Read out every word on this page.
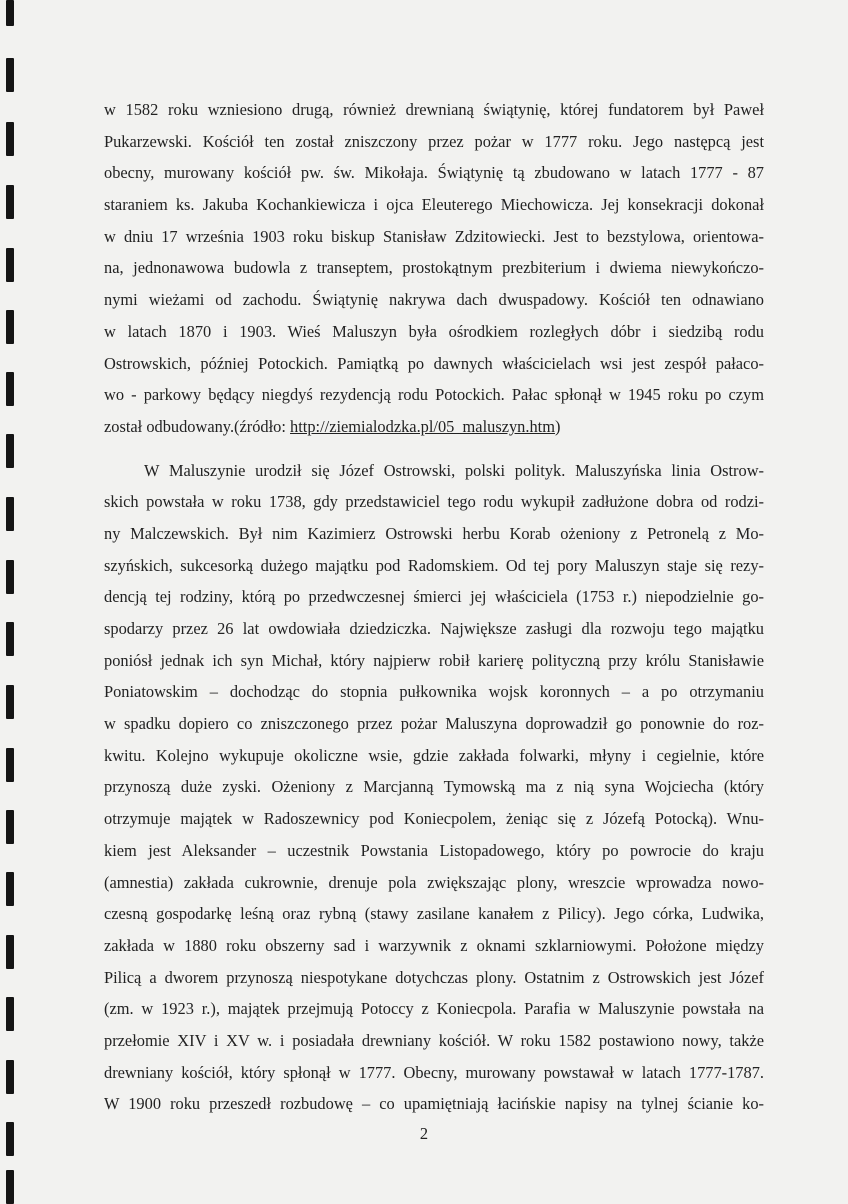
w 1582 roku wzniesiono drugą, również drewnianą świątynię, której fundatorem był Paweł
Pukarzewski. Kościół ten został zniszczony przez pożar w 1777 roku. Jego następcą jest
obecny, murowany kościół pw. św. Mikołaja. Świątynię tą zbudowano w latach 1777 - 87
staraniem ks. Jakuba Kochankiewicza i ojca Eleuterego Miechowicza. Jej konsekracji dokonał
w dniu 17 września 1903 roku biskup Stanisław Zdzitowiecki. Jest to bezstylowa, orientowa-
na, jednonawowa budowla z transeptem, prostokątnym prezbiterium i dwiema niewykończo-
nymi wieżami od zachodu. Świątynię nakrywa dach dwuspadowy. Kościół ten odnawiano
w latach 1870 i 1903. Wieś Maluszyn była ośrodkiem rozległych dóbr i siedzibą rodu
Ostrowskich, później Potockich. Pamiątką po dawnych właścicielach wsi jest zespół pałaco-
wo - parkowy będący niegdyś rezydencją rodu Potockich. Pałac spłonął w 1945 roku po czym
został odbudowany.(źródło: http://ziemialodzka.pl/05_maluszyn.htm)
W Maluszynie urodził się Józef Ostrowski, polski polityk. Maluszyńska linia Ostrow-
skich powstała w roku 1738, gdy przedstawiciel tego rodu wykupił zadłużone dobra od rodzi-
ny Malczewskich. Był nim Kazimierz Ostrowski herbu Korab ożeniony z Petronelą z Mo-
szyńskich, sukcesorką dużego majątku pod Radomskiem. Od tej pory Maluszyn staje się rezy-
dencją tej rodziny, którą po przedwczesnej śmierci jej właściciela (1753 r.) niepodzielnie go-
spodarzy przez 26 lat owdowiała dziedziczka. Największe zasługi dla rozwoju tego majątku
poniósł jednak ich syn Michał, który najpierw robił karierę polityczną przy królu Stanisławie
Poniatowskim – dochodząc do stopnia pułkownika wojsk koronnych – a po otrzymaniu
w spadku dopiero co zniszczonego przez pożar Maluszyna doprowadził go ponownie do roz-
kwitu. Kolejno wykupuje okoliczne wsie, gdzie zakłada folwarki, młyny i cegielnie, które
przynoszą duże zyski. Ożeniony z Marcjanną Tymowską ma z nią syna Wojciecha (który
otrzymuje majątek w Radoszewnicy pod Koniecpolem, żeniąc się z Józefą Potocką). Wnu-
kiem jest Aleksander – uczestnik Powstania Listopadowego, który po powrocie do kraju
(amnestia) zakłada cukrownie, drenuje pola zwiększając plony, wreszcie wprowadza nowo-
czesną gospodarkę leśną oraz rybną (stawy zasilane kanałem z Pilicy). Jego córka, Ludwika,
zakłada w 1880 roku obszerny sad i warzywnik z oknami szklarniowymi. Położone między
Pilicą a dworem przynoszą niespotykane dotychczas plony. Ostatnim z Ostrowskich jest Józef
(zm. w 1923 r.), majątek przejmują Potoccy z Koniecpola. Parafia w Maluszynie powstała na
przełomie XIV i XV w. i posiadała drewniany kościół. W roku 1582 postawiono nowy, także
drewniany kościół, który spłonął w 1777. Obecny, murowany powstawał w latach 1777-1787.
W 1900 roku przeszedł rozbudowę – co upamiętniają łacińskie napisy na tylnej ścianie ko-
2
